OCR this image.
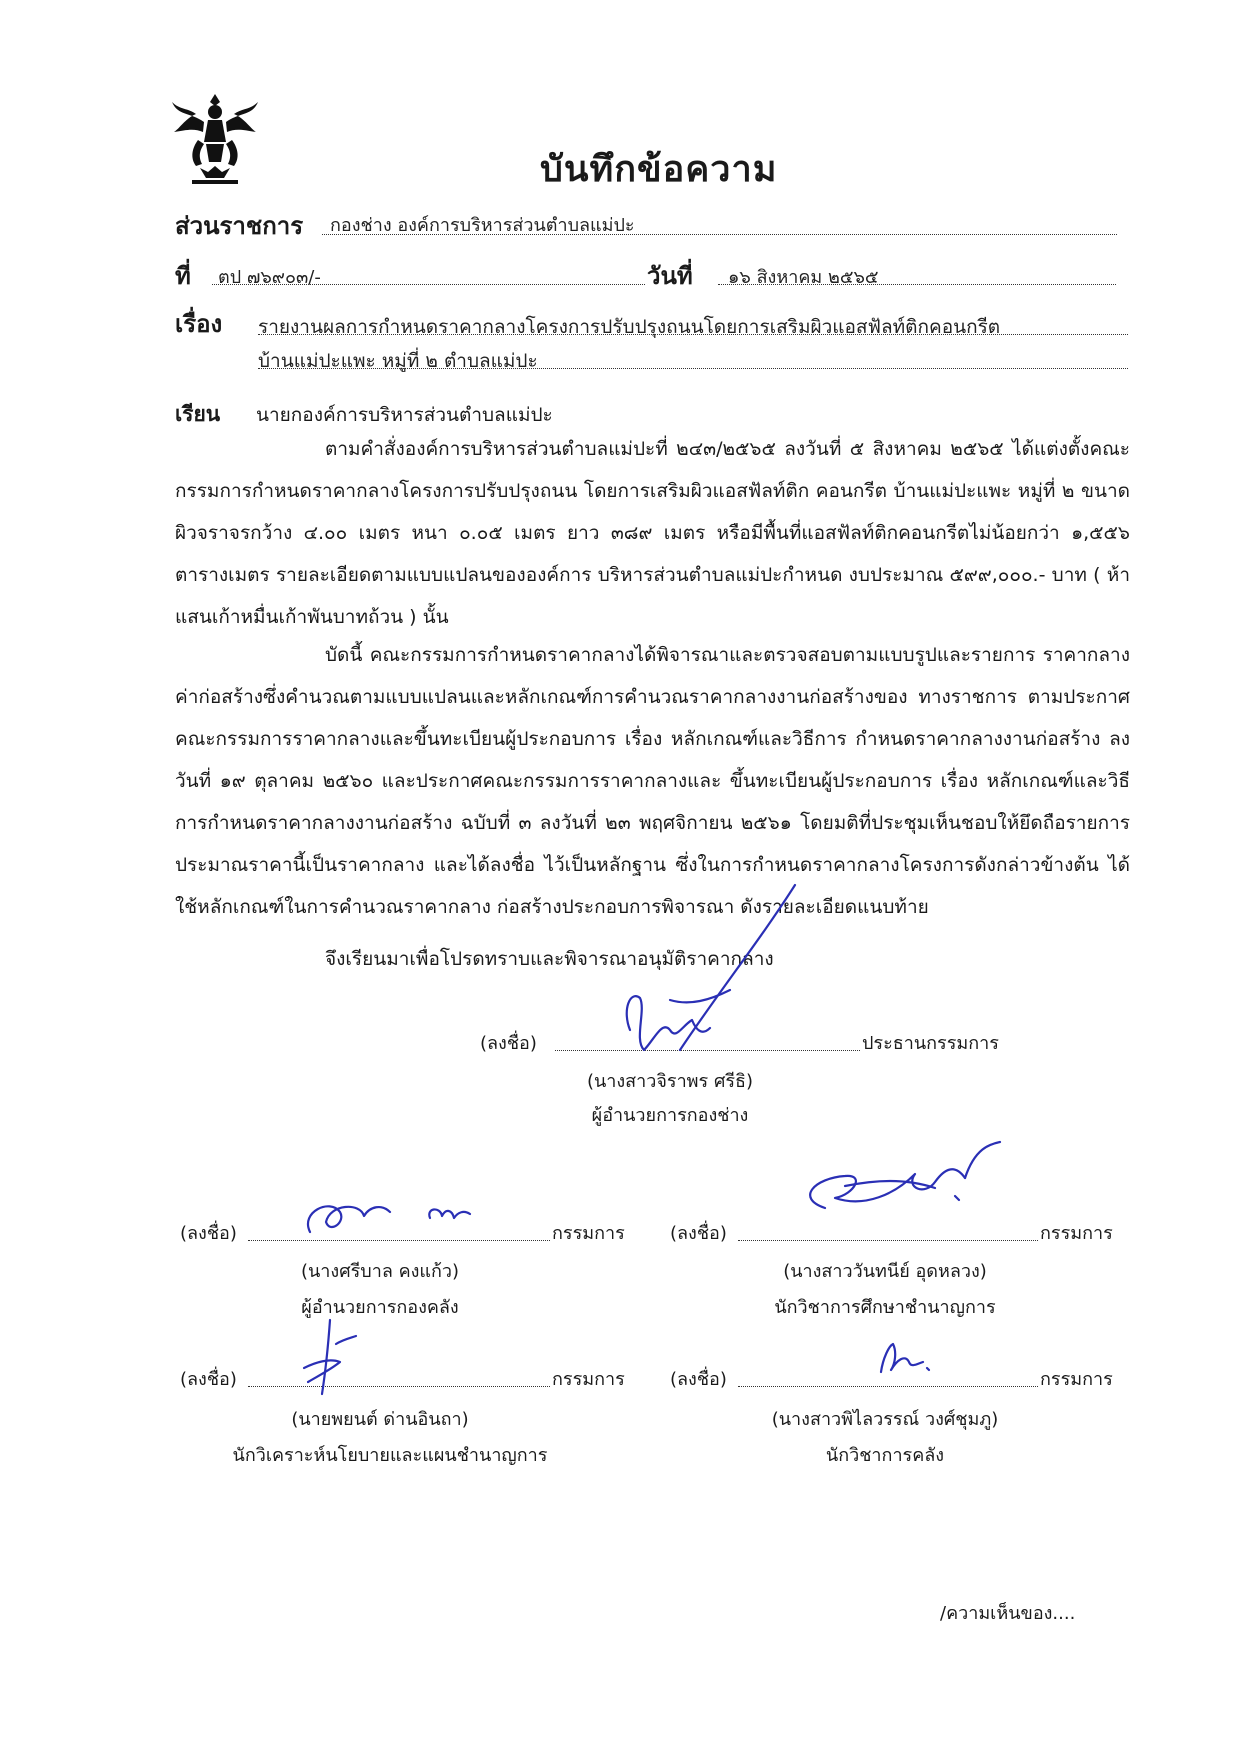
บันทึกข้อความ
ส่วนราชการ กองช่าง องค์การบริหารส่วนตำบลแม่ปะ
ที่ ตป ๗๖๙๐๓/-	วันที่ ๑๖ สิงหาคม ๒๕๖๕
เรื่อง รายงานผลการกำหนดราคากลางโครงการปรับปรุงถนนโดยการเสริมผิวแอสฟัลท์ติกคอนกรีต
บ้านแม่ปะแพะ หมู่ที่ ๒ ตำบลแม่ปะ
เรียน นายกองค์การบริหารส่วนตำบลแม่ปะ
ตามคำสั่งองค์การบริหารส่วนตำบลแม่ปะที่ ๒๔๓/๒๕๖๕ ลงวันที่ ๕ สิงหาคม ๒๕๖๕ ได้แต่งตั้งคณะกรรมการกำหนดราคากลางโครงการปรับปรุงถนน โดยการเสริมผิวแอสฟัลท์ติก คอนกรีต บ้านแม่ปะแพะ หมู่ที่ ๒ ขนาดผิวจราจรกว้าง ๔.๐๐ เมตร หนา ๐.๐๕ เมตร ยาว ๓๘๙ เมตร หรือมีพื้นที่แอสฟัลท์ติกคอนกรีตไม่น้อยกว่า ๑,๕๕๖ ตารางเมตร รายละเอียดตามแบบแปลนขององค์การ บริหารส่วนตำบลแม่ปะกำหนด งบประมาณ ๕๙๙,๐๐๐.- บาท ( ห้าแสนเก้าหมื่นเก้าพันบาทถ้วน ) นั้น
บัดนี้ คณะกรรมการกำหนดราคากลางได้พิจารณาและตรวจสอบตามแบบรูปและรายการ ราคากลางค่าก่อสร้างซึ่งคำนวณตามแบบแปลนและหลักเกณฑ์การคำนวณราคากลางงานก่อสร้างของ ทางราชการ ตามประกาศคณะกรรมการราคากลางและขึ้นทะเบียนผู้ประกอบการ เรื่อง หลักเกณฑ์และวิธีการ กำหนดราคากลางงานก่อสร้าง ลงวันที่ ๑๙ ตุลาคม ๒๕๖๐ และประกาศคณะกรรมการราคากลางและ ขึ้นทะเบียนผู้ประกอบการ เรื่อง หลักเกณฑ์และวิธีการกำหนดราคากลางงานก่อสร้าง ฉบับที่ ๓ ลงวันที่ ๒๓ พฤศจิกายน ๒๕๖๑ โดยมติที่ประชุมเห็นชอบให้ยึดถือรายการประมาณราคานี้เป็นราคากลาง และได้ลงชื่อ ไว้เป็นหลักฐาน ซึ่งในการกำหนดราคากลางโครงการดังกล่าวข้างต้น ได้ใช้หลักเกณฑ์ในการคำนวณราคากลาง ก่อสร้างประกอบการพิจารณา ดังรายละเอียดแนบท้าย
จึงเรียนมาเพื่อโปรดทราบและพิจารณาอนุมัติราคากลาง
(ลงชื่อ)	ประธานกรรมการ
(นางสาวจิราพร ศรีธิ)
ผู้อำนวยการกองช่าง
(ลงชื่อ)	กรรมการ
(นางศรีบาล คงแก้ว)
ผู้อำนวยการกองคลัง
(ลงชื่อ)	กรรมการ
(นางสาววันทนีย์ อุดหลวง)
นักวิชาการศึกษาชำนาญการ
(ลงชื่อ)	กรรมการ
(นายพยนต์ ด่านอินถา)
นักวิเคราะห์นโยบายและแผนชำนาญการ
(ลงชื่อ)	กรรมการ
(นางสาวพิไลวรรณ์ วงศ์ชุมภู)
นักวิชาการคลัง
/ความเห็นของ....
